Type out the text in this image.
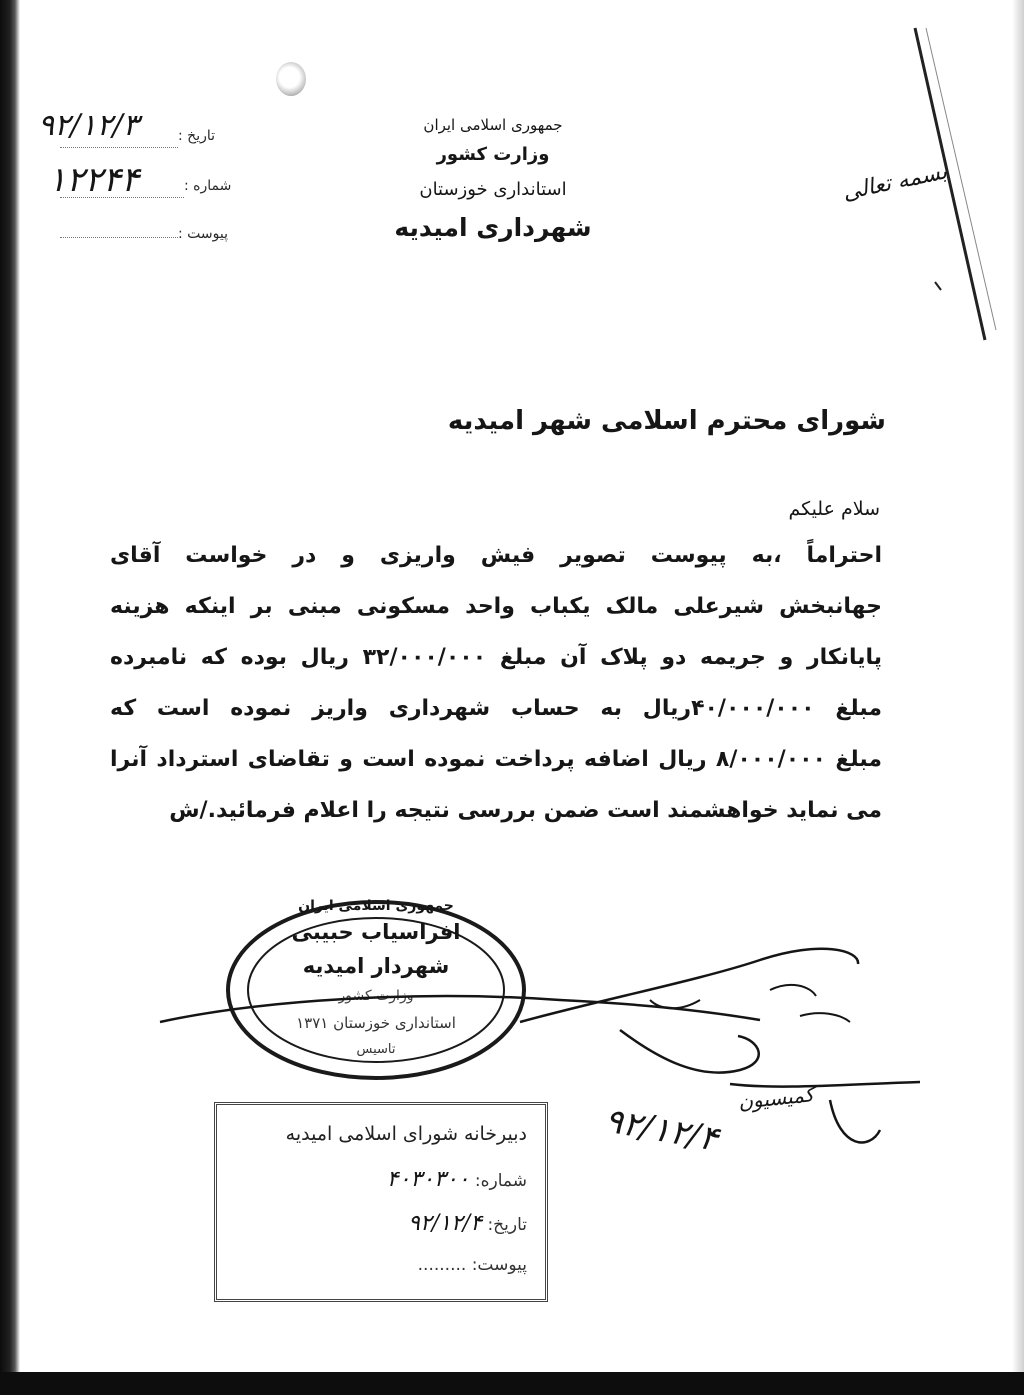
جمهوری اسلامی ایران
وزارت کشور
استانداری خوزستان
شهرداری امیدیه
تاریخ :
۹۲/۱۲/۳
شماره :
۱۲۲۴۴
پیوست :
بسمه تعالی
شورای محترم اسلامی شهر امیدیه
سلام علیکم
احتراماً ،به پیوست تصویر فیش واریزی و در خواست آقای
جهانبخش شیرعلی مالک یکباب واحد مسکونی مبنی بر اینکه هزینه
پایانکار و جریمه دو پلاک آن مبلغ ۳۲/۰۰۰/۰۰۰ ریال بوده که نامبرده
مبلغ ۴۰/۰۰۰/۰۰۰ریال به حساب شهرداری واریز نموده است که
مبلغ ۸/۰۰۰/۰۰۰ ریال اضافه پرداخت نموده است و تقاضای استرداد آنرا
می نماید خواهشمند است ضمن بررسی نتیجه را اعلام فرمائید./ش
جمهوری اسلامی ایران
افراسیاب حبیبی
شهردار امیدیه
وزارت کشور
استانداری خوزستان ۱۳۷۱
تاسیس
دبیرخانه شورای اسلامی امیدیه
شماره: ۴۰۳۰۳۰۰
تاریخ: ۹۲/۱۲/۴
پیوست: .........
۹۲/۱۲/۴
کمیسیون
